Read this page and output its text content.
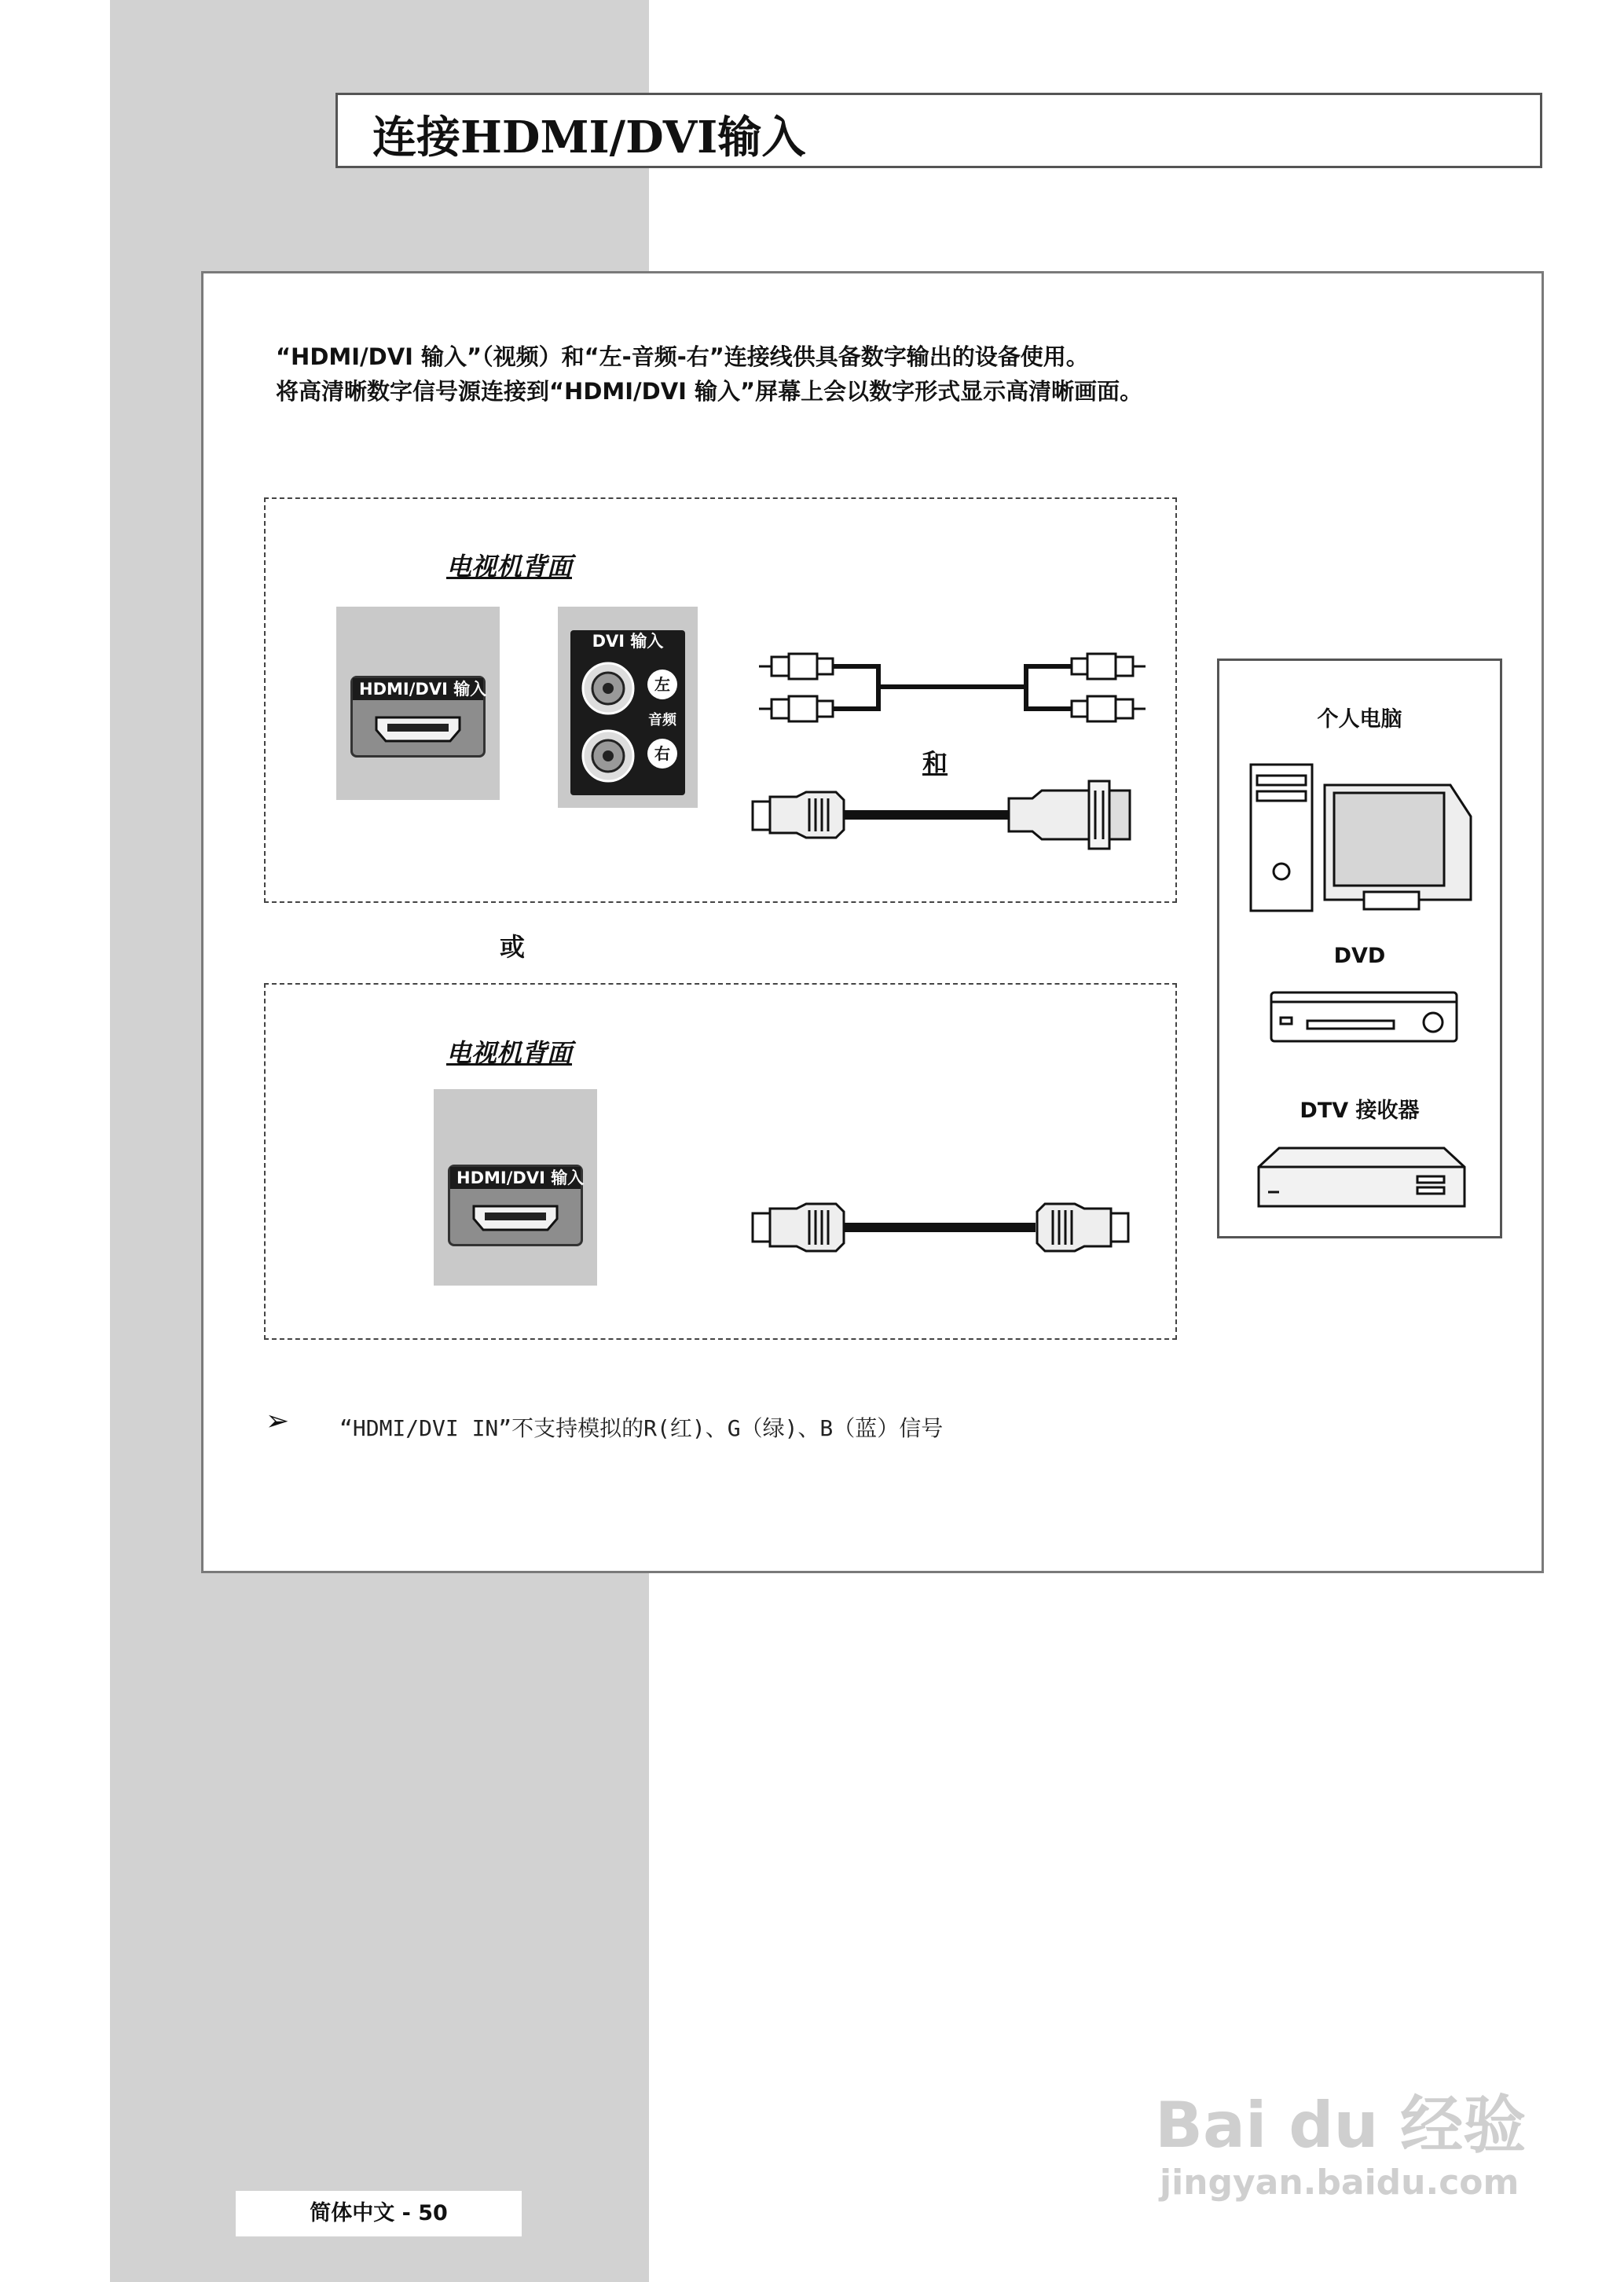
连接HDMI/DVI输入
“HDMI/DVI 输入”（视频）和“左-音频-右”连接线供具备数字输出的设备使用。
将高清晰数字信号源连接到“HDMI/DVI 输入”屏幕上会以数字形式显示高清晰画面。
电视机背面
HDMI/DVI 输入
DVI 输入
左
音频
右	和
或
电视机背面
HDMI/DVI 输入
个人电脑
DVD
DTV 接收器
➢ “HDMI/DVI IN”不支持模拟的R(红)、G（绿)、B（蓝）信号
简体中文 - 50
Bai du 经验
jingyan.baidu.com
